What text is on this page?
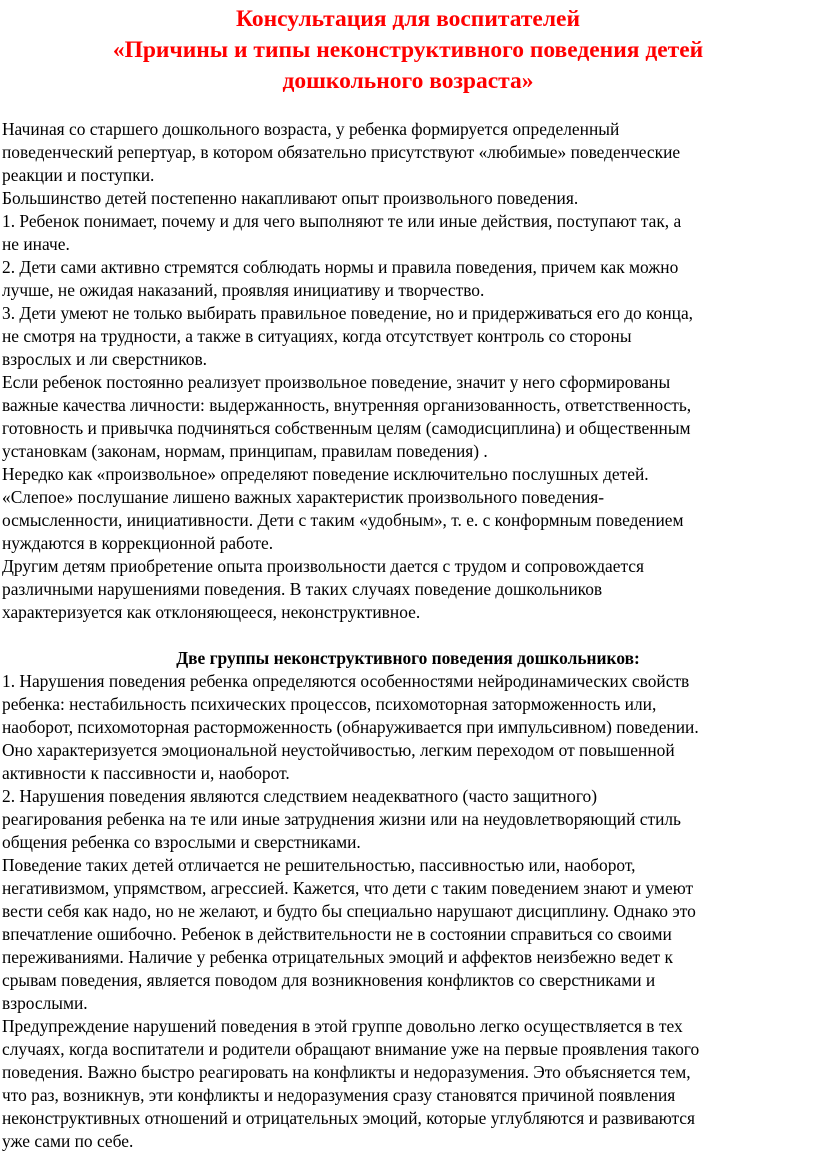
Консультация для воспитателей
«Причины и типы неконструктивного поведения детей
дошкольного возраста»

Начиная со старшего дошкольного возраста, у ребенка формируется определенный

поведенческий репертуар, в котором обязательно присутствуют «любимые» поведенческие

реакции и поступки.

Большинство детей постепенно накапливают опыт произвольного поведения.

1. Ребенок понимает, почему и для чего выполняют те или иные действия, поступают так, а

не иначе.

2. Дети сами активно стремятся соблюдать нормы и правила поведения, причем как можно

лучше, не ожидая наказаний, проявляя инициативу и творчество.

3. Дети умеют не только выбирать правильное поведение, но и придерживаться его до конца,

не смотря на трудности, а также в ситуациях, когда отсутствует контроль со стороны

взрослых и ли сверстников.

Если ребенок постоянно реализует произвольное поведение, значит у него сформированы

важные качества личности: выдержанность, внутренняя организованность, ответственность,

готовность и привычка подчиняться собственным целям (самодисциплина) и общественным

установкам (законам, нормам, принципам, правилам поведения) .

Нередко как «произвольное» определяют поведение исключительно послушных детей.

«Слепое» послушание лишено важных характеристик произвольного поведения-

осмысленности, инициативности. Дети с таким «удобным», т. е. с конформным поведением

нуждаются в коррекционной работе.

Другим детям приобретение опыта произвольности дается с трудом и сопровождается

различными нарушениями поведения. В таких случаях поведение дошкольников

характеризуется как отклоняющееся, неконструктивное.

Две группы неконструктивного поведения дошкольников:

1. Нарушения поведения ребенка определяются особенностями нейродинамических свойств

ребенка: нестабильность психических процессов, психомоторная заторможенность или,

наоборот, психомоторная расторможенность (обнаруживается при импульсивном) поведении.

Оно характеризуется эмоциональной неустойчивостью, легким переходом от повышенной

активности к пассивности и, наоборот.

2. Нарушения поведения являются следствием неадекватного (часто защитного)

реагирования ребенка на те или иные затруднения жизни или на неудовлетворяющий стиль

общения ребенка со взрослыми и сверстниками.

Поведение таких детей отличается не решительностью, пассивностью или, наоборот,

негативизмом, упрямством, агрессией. Кажется, что дети с таким поведением знают и умеют

вести себя как надо, но не желают, и будто бы специально нарушают дисциплину. Однако это

впечатление ошибочно. Ребенок в действительности не в состоянии справиться со своими

переживаниями. Наличие у ребенка отрицательных эмоций и аффектов неизбежно ведет к

срывам поведения, является поводом для возникновения конфликтов со сверстниками и

взрослыми.

Предупреждение нарушений поведения в этой группе довольно легко осуществляется в тех

случаях, когда воспитатели и родители обращают внимание уже на первые проявления такого

поведения. Важно быстро реагировать на конфликты и недоразумения. Это объясняется тем,

что раз, возникнув, эти конфликты и недоразумения сразу становятся причиной появления

неконструктивных отношений и отрицательных эмоций, которые углубляются и развиваются

уже сами по себе.
